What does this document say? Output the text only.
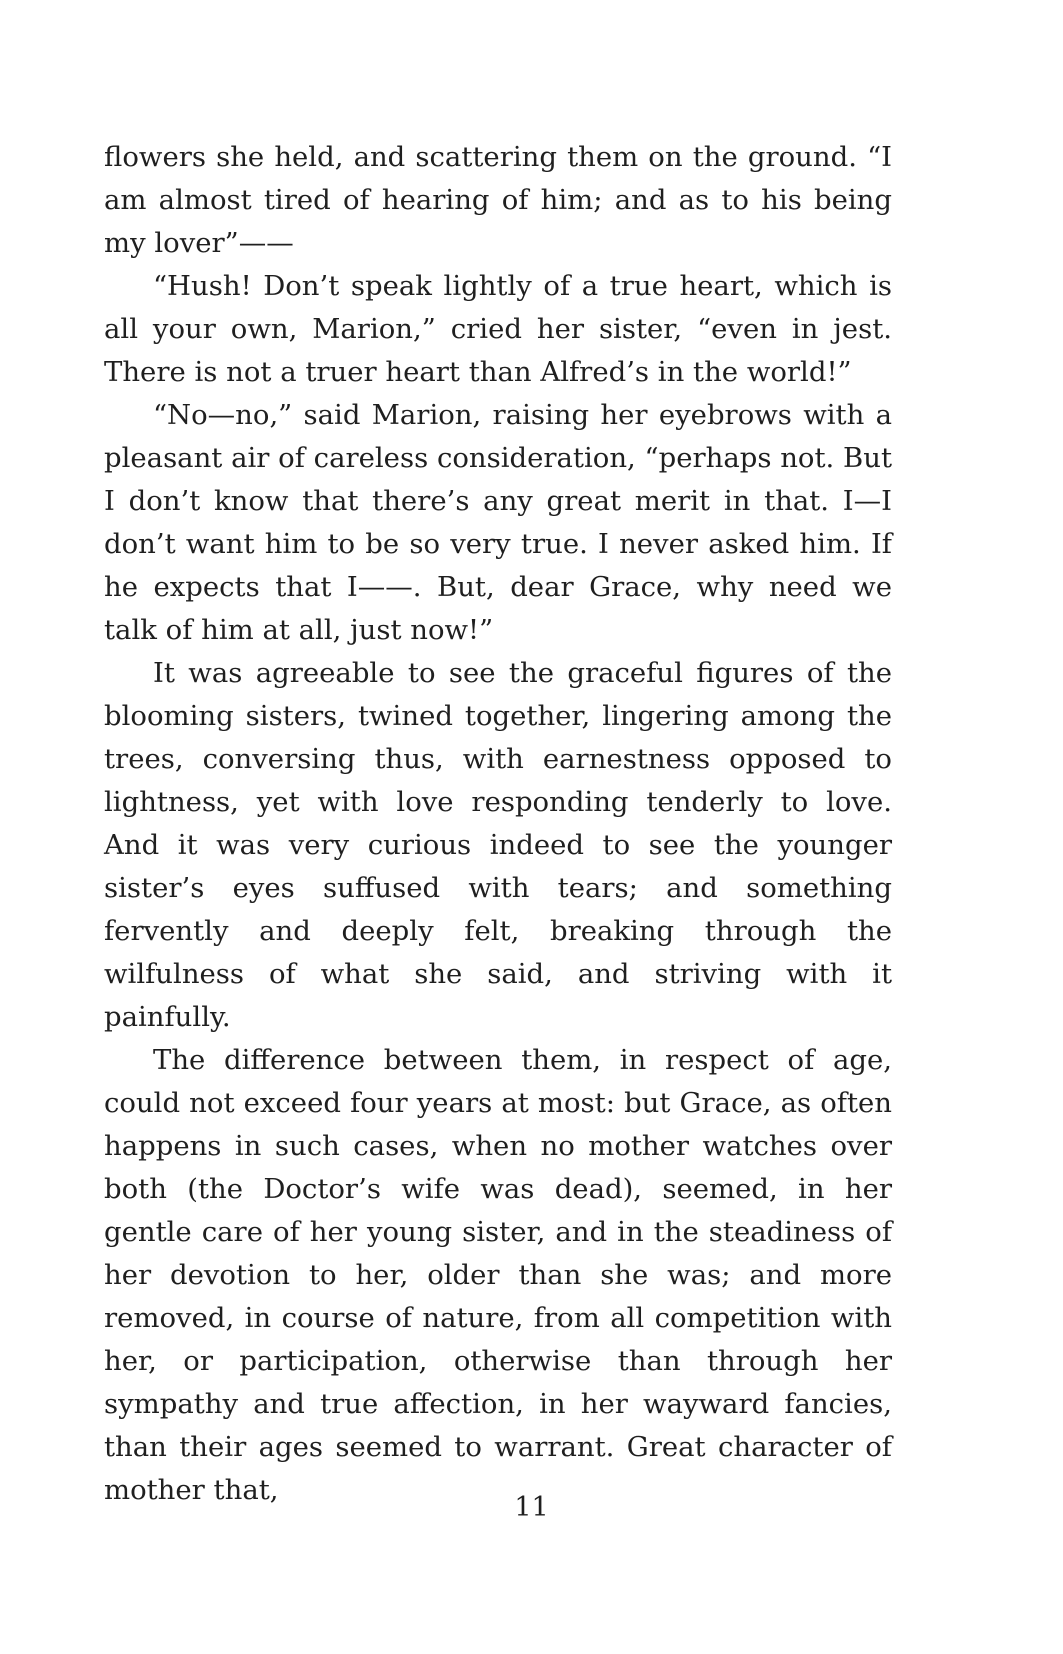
flowers she held, and scattering them on the ground. “I am almost tired of hearing of him; and as to his being my lover”——

“Hush! Don’t speak lightly of a true heart, which is all your own, Marion,” cried her sister, “even in jest. There is not a truer heart than Alfred’s in the world!”

“No—no,” said Marion, raising her eyebrows with a pleasant air of careless consideration, “perhaps not. But I don’t know that there’s any great merit in that. I—I don’t want him to be so very true. I never asked him. If he expects that I——. But, dear Grace, why need we talk of him at all, just now!”

It was agreeable to see the graceful figures of the blooming sisters, twined together, lingering among the trees, conversing thus, with earnestness opposed to lightness, yet with love responding tenderly to love. And it was very curious indeed to see the younger sister’s eyes suffused with tears; and something fervently and deeply felt, breaking through the wilfulness of what she said, and striving with it painfully.

The difference between them, in respect of age, could not exceed four years at most: but Grace, as often happens in such cases, when no mother watches over both (the Doctor’s wife was dead), seemed, in her gentle care of her young sister, and in the steadiness of her devotion to her, older than she was; and more removed, in course of nature, from all competition with her, or participation, otherwise than through her sympathy and true affection, in her wayward fancies, than their ages seemed to warrant. Great character of mother that,

11
